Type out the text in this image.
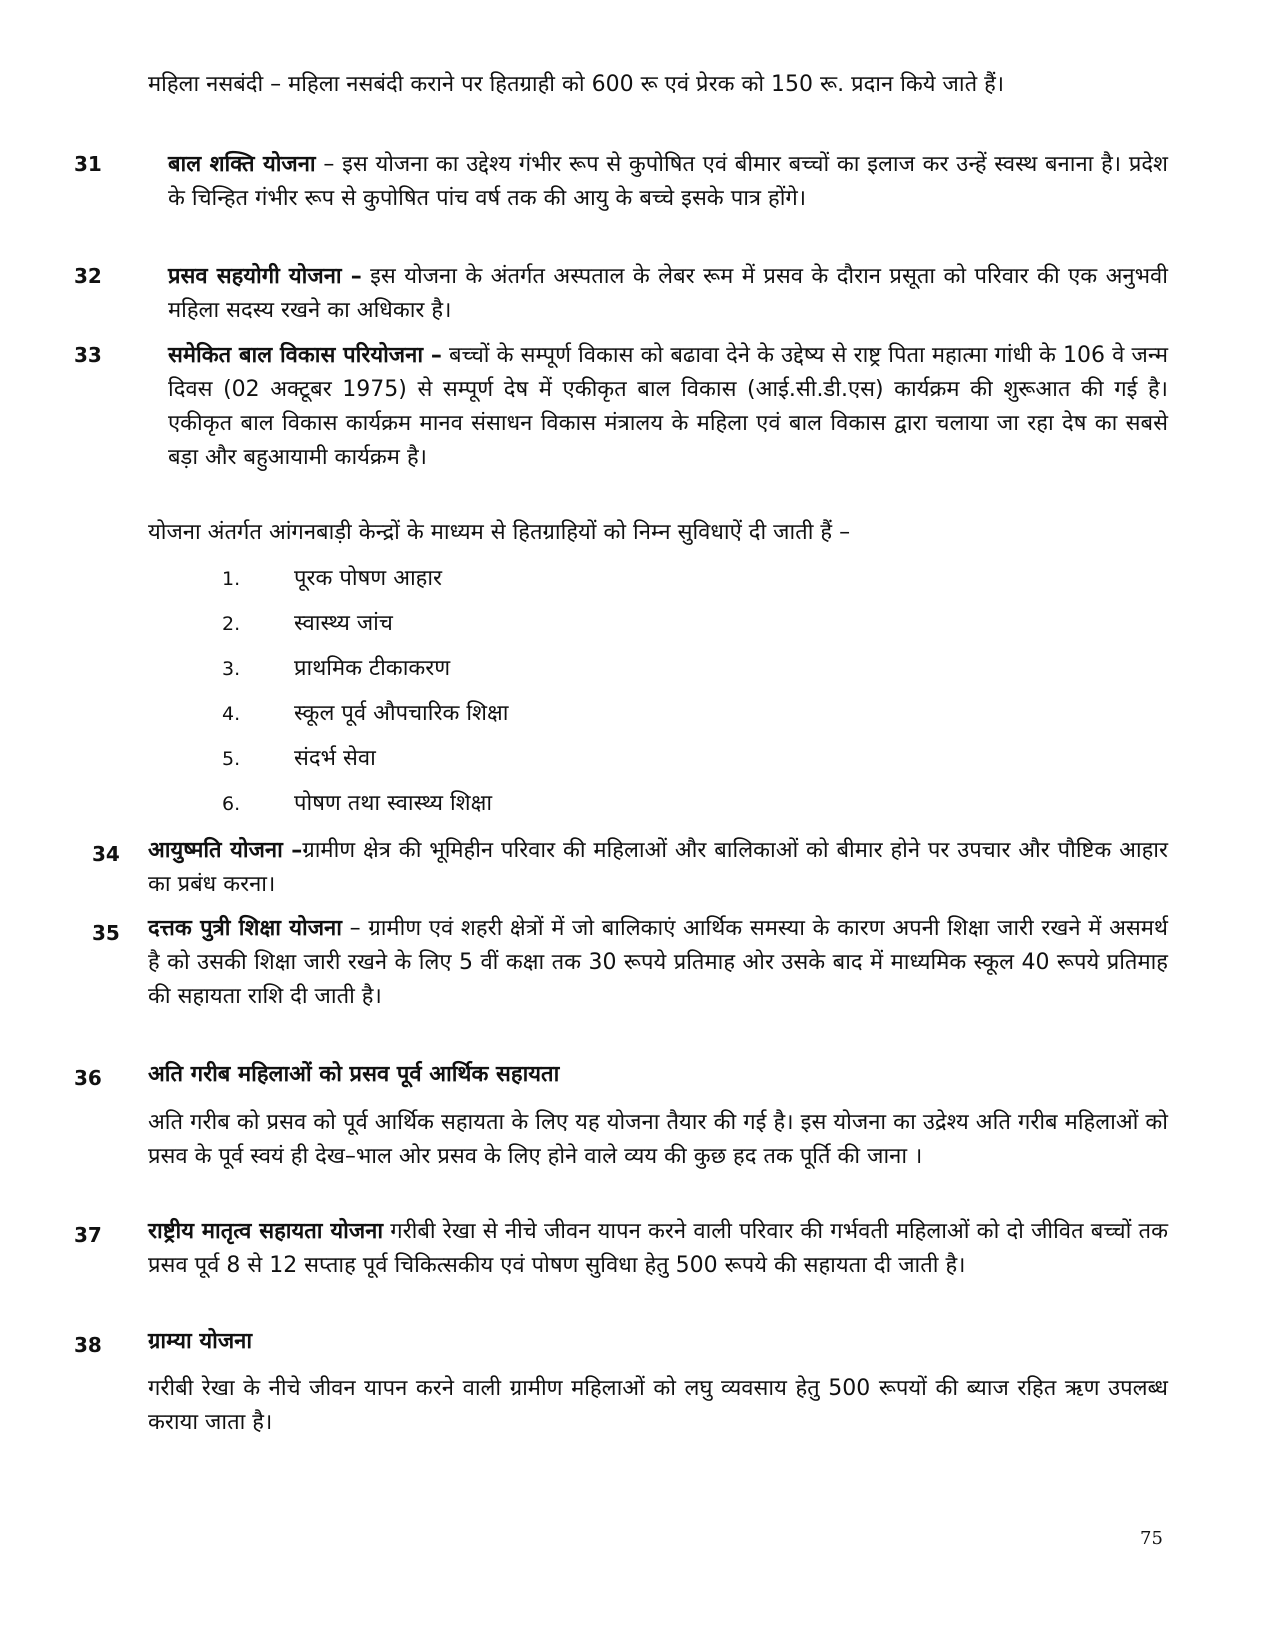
महिला नसबंदी – महिला नसबंदी कराने पर हितग्राही को 600 रू एवं प्रेरक को 150 रू. प्रदान किये जाते हैं।
31	बाल शक्ति योजना – इस योजना का उद्देश्य गंभीर रूप से कुपोषित एवं बीमार बच्चों का इलाज कर उन्हें स्वस्थ बनाना है। प्रदेश के चिन्हित गंभीर रूप से कुपोषित पांच वर्ष तक की आयु के बच्चे इसके पात्र होंगे।
32	प्रसव सहयोगी योजना – इस योजना के अंतर्गत अस्पताल के लेबर रूम में प्रसव के दौरान प्रसूता को परिवार की एक अनुभवी महिला सदस्य रखने का अधिकार है।
33	समेकित बाल विकास परियोजना – बच्चों के सम्पूर्ण विकास को बढावा देने के उद्देष्य से राष्ट्र पिता महात्मा गांधी के 106 वे जन्म दिवस (02 अक्टूबर 1975) से सम्पूर्ण देष में एकीकृत बाल विकास (आई.सी.डी.एस) कार्यक्रम की शुरूआत की गई है। एकीकृत बाल विकास कार्यक्रम मानव संसाधन विकास मंत्रालय के महिला एवं बाल विकास द्वारा चलाया जा रहा देष का सबसे बड़ा और बहुआयामी कार्यक्रम है।
योजना अंतर्गत आंगनबाड़ी केन्द्रों के माध्यम से हितग्राहियों को निम्न सुविधाऐं दी जाती हैं –
1. पूरक पोषण आहार
2. स्वास्थ्य जांच
3. प्राथमिक टीकाकरण
4. स्कूल पूर्व औपचारिक शिक्षा
5. संदर्भ सेवा
6. पोषण तथा स्वास्थ्य शिक्षा
34 आयुष्मति योजना –ग्रामीण क्षेत्र की भूमिहीन परिवार की महिलाओं और बालिकाओं को बीमार होने पर उपचार और पौष्टिक आहार का प्रबंध करना।
35 दत्तक पुत्री शिक्षा योजना – ग्रामीण एवं शहरी क्षेत्रों में जो बालिकाएं आर्थिक समस्या के कारण अपनी शिक्षा जारी रखने में असमर्थ है को उसकी शिक्षा जारी रखने के लिए 5 वीं कक्षा तक 30 रूपये प्रतिमाह ओर उसके बाद में माध्यमिक स्कूल 40 रूपये प्रतिमाह की सहायता राशि दी जाती है।
36 अति गरीब महिलाओं को प्रसव पूर्व आर्थिक सहायता
अति गरीब को प्रसव को पूर्व आर्थिक सहायता के लिए यह योजना तैयार की गई है। इस योजना का उद्रेश्य अति गरीब महिलाओं को प्रसव के पूर्व स्वयं ही देख–भाल ओर प्रसव के लिए होने वाले व्यय की कुछ हद तक पूर्ति की जाना ।
37 राष्ट्रीय मातृत्व सहायता योजना गरीबी रेखा से नीचे जीवन यापन करने वाली परिवार की गर्भवती महिलाओं को दो जीवित बच्चों तक प्रसव पूर्व 8 से 12 सप्ताह पूर्व चिकित्सकीय एवं पोषण सुविधा हेतु 500 रूपये की सहायता दी जाती है।
38 ग्राम्या योजना
गरीबी रेखा के नीचे जीवन यापन करने वाली ग्रामीण महिलाओं को लघु व्यवसाय हेतु 500 रूपयों की ब्याज रहित ऋण उपलब्ध कराया जाता है।
75
